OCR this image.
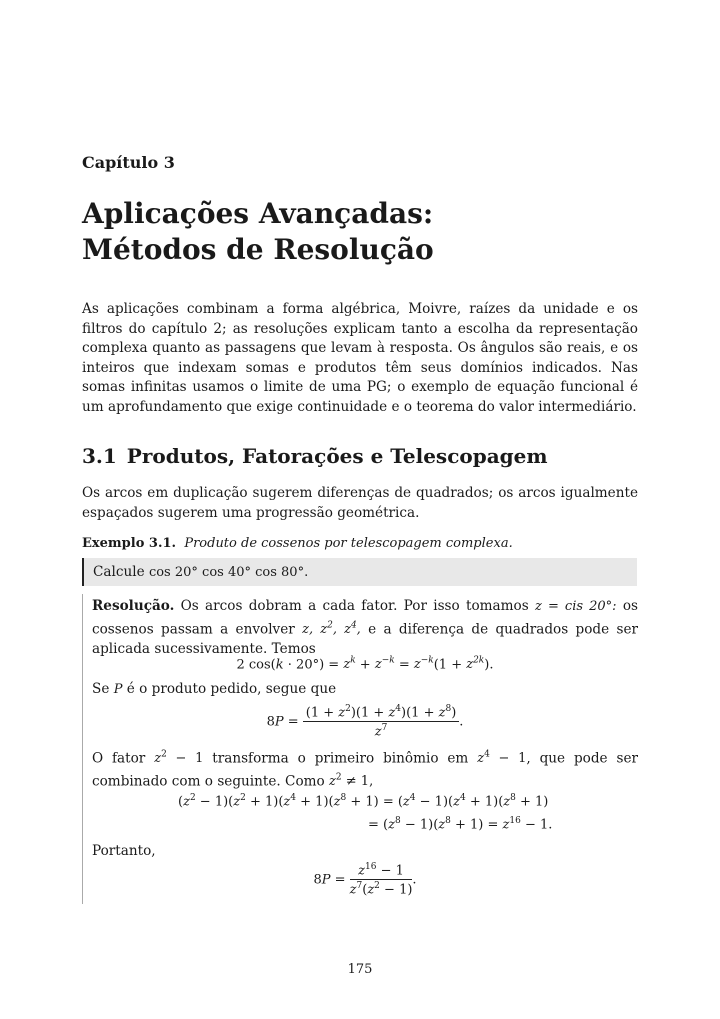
Capítulo 3
Aplicações Avançadas:
Métodos de Resolução
As aplicações combinam a forma algébrica, Moivre, raízes da unidade e os filtros do capítulo 2; as resoluções explicam tanto a escolha da representação complexa quanto as passagens que levam à resposta. Os ângulos são reais, e os inteiros que indexam somas e produtos têm seus domínios indicados. Nas somas infinitas usamos o limite de uma PG; o exemplo de equação funcional é um aprofundamento que exige continuidade e o teorema do valor intermediário.
3.1 Produtos, Fatorações e Telescopagem
Os arcos em duplicação sugerem diferenças de quadrados; os arcos igualmente espaçados sugerem uma progressão geométrica.
Exemplo 3.1. Produto de cossenos por telescopagem complexa.
Calcule cos 20° cos 40° cos 80°.
Resolução. Os arcos dobram a cada fator. Por isso tomamos z = cis 20°: os cossenos passam a envolver z, $z^2$, $z^4$, e a diferença de quadrados pode ser aplicada sucessivamente. Temos
2 $\cos(k \cdot 20^\circ) = z^k + z^{-k} = z^{-k}(1 + z^{2k})$.
Se P é o produto pedido, segue que
$8P = \frac{(1 + z^2)(1 + z^4)(1 + z^8)}{z^7}$ .
O fator $z^2 - 1$ transforma o primeiro binômio em $z^4 - 1$, que pode ser combinado com o seguinte. Como $z^2 \ne 1$,
$(z^2 - 1)(z^2 + 1)(z^4 + 1)(z^8 + 1) = (z^4 - 1)(z^4 + 1)(z^8 + 1)$
= $(z^8 - 1)(z^8 + 1) = z^{16} - 1$.
Portanto,
$8P = \frac{z^{16} - 1}{z^7(z^2 - 1)}$ .
175
